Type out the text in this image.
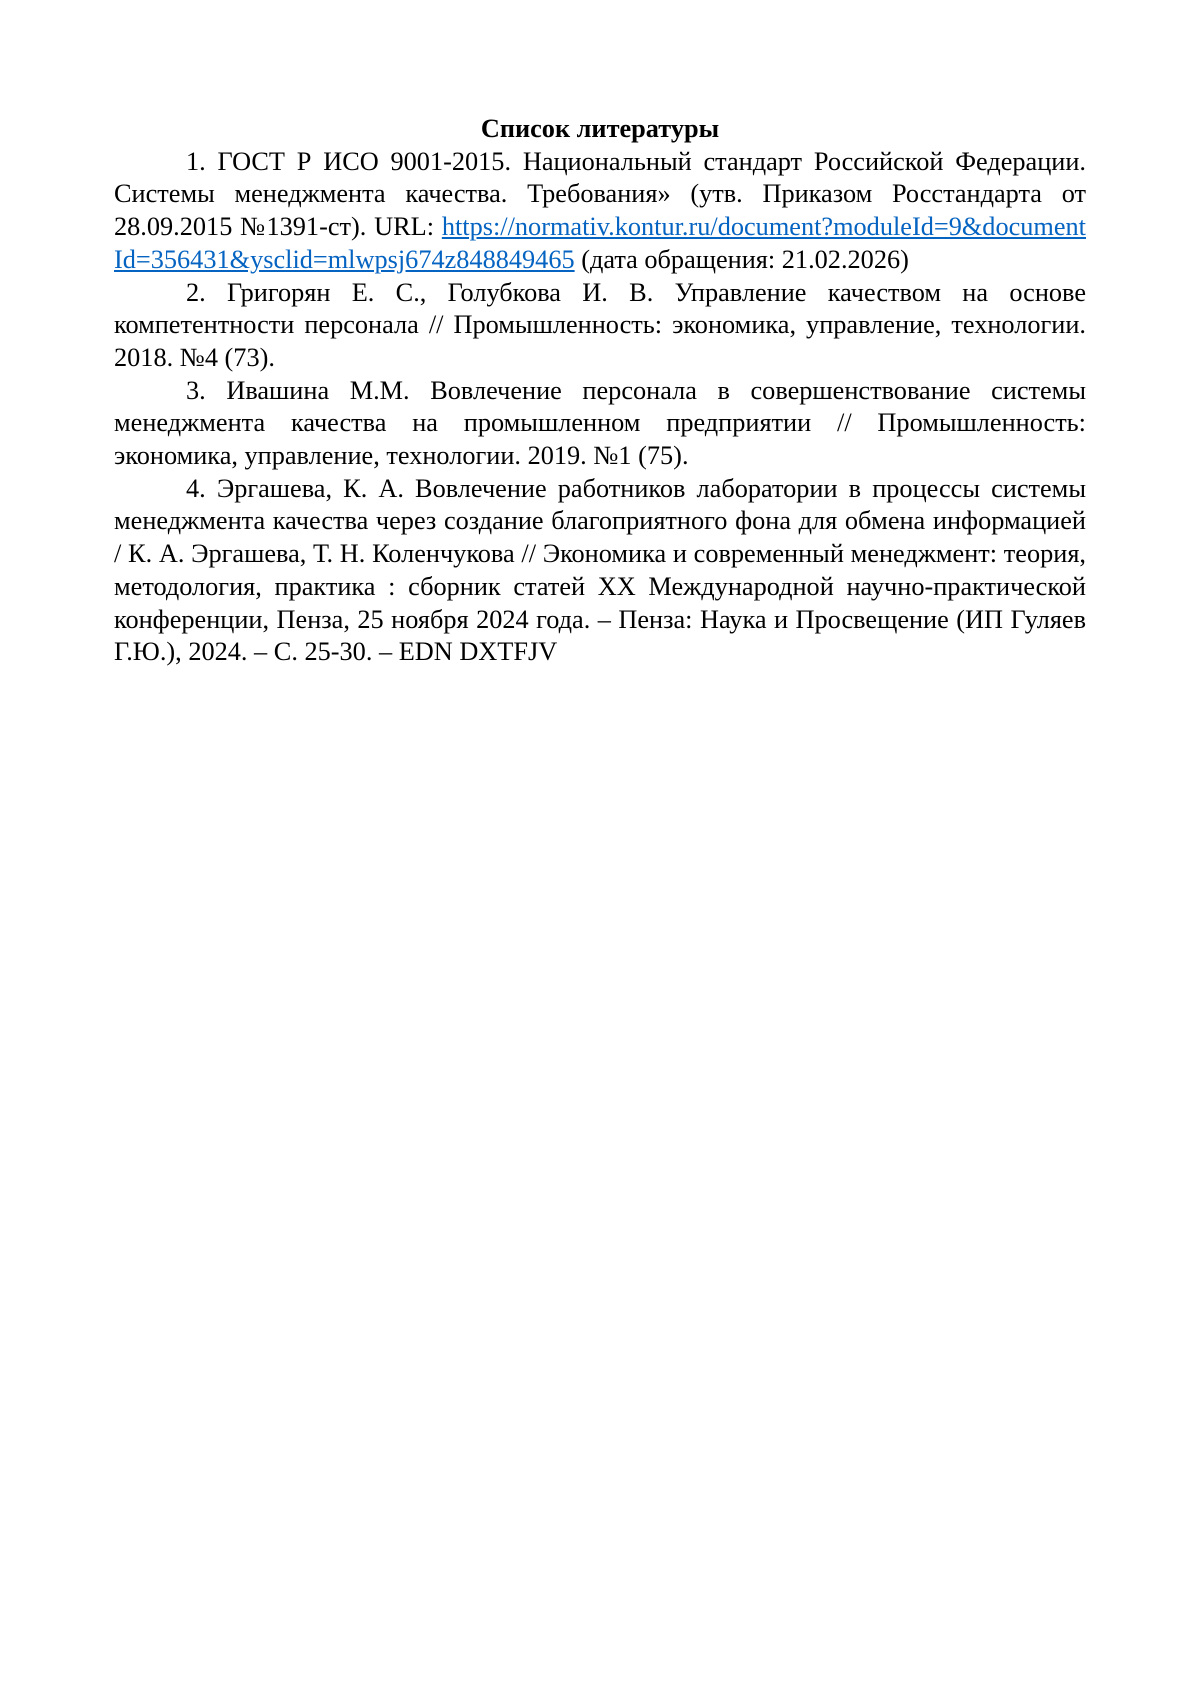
Список литературы

1. ГОСТ Р ИСО 9001-2015. Национальный стандарт Российской Федерации. Системы менеджмента качества. Требования» (утв. Приказом Росстандарта от 28.09.2015 №1391-ст). URL: https://normativ.kontur.ru/document?moduleId=9&documentId=356431&ysclid=mlwpsj674z848849465 (дата обращения: 21.02.2026)

2. Григорян Е. С., Голубкова И. В. Управление качеством на основе компетентности персонала // Промышленность: экономика, управление, технологии. 2018. №4 (73).

3. Ивашина М.М. Вовлечение персонала в совершенствование системы менеджмента качества на промышленном предприятии // Промышленность: экономика, управление, технологии. 2019. №1 (75).

4. Эргашева, К. А. Вовлечение работников лаборатории в процессы системы менеджмента качества через создание благоприятного фона для обмена информацией / К. А. Эргашева, Т. Н. Коленчукова // Экономика и современный менеджмент: теория, методология, практика : сборник статей XX Международной научно-практической конференции, Пенза, 25 ноября 2024 года. – Пенза: Наука и Просвещение (ИП Гуляев Г.Ю.), 2024. – С. 25-30. – EDN DXTFJV
